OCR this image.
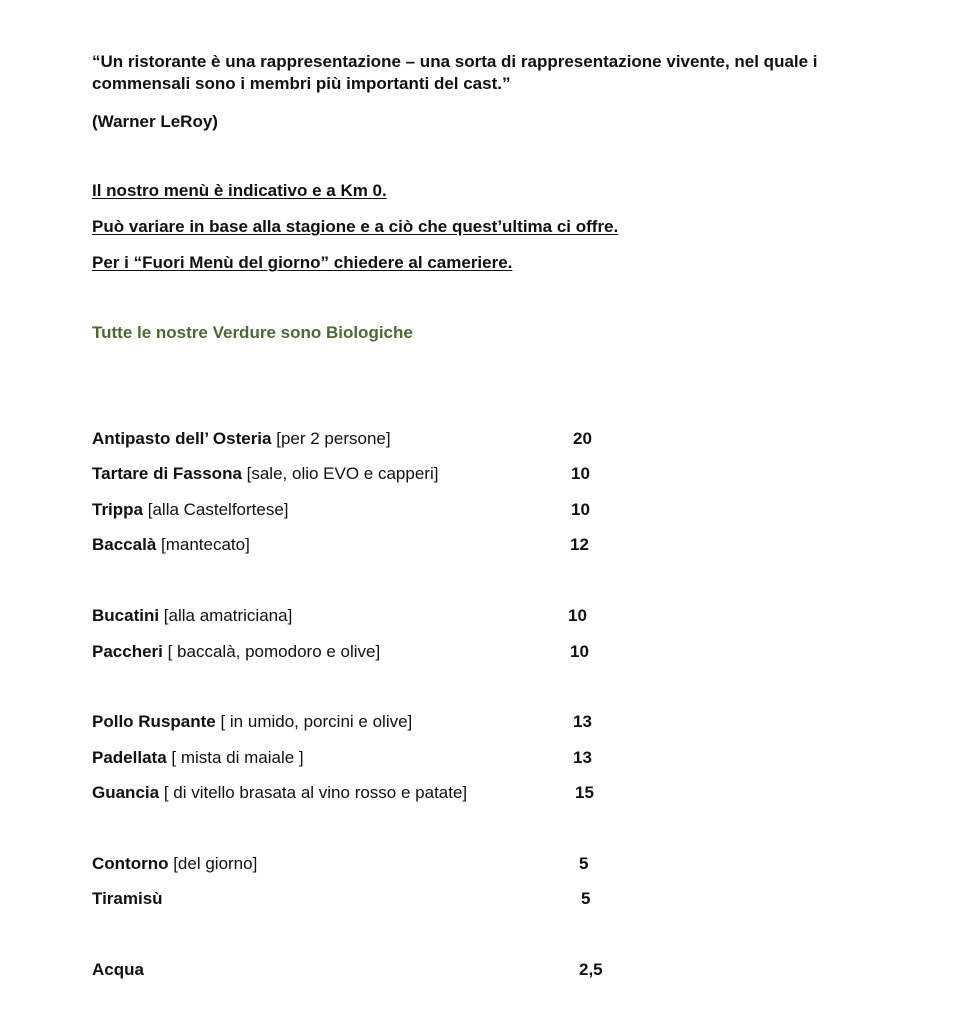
“Un ristorante è una rappresentazione – una sorta di rappresentazione vivente, nel quale i
commensali sono i membri più importanti del cast.”
(Warner LeRoy)
Il nostro menù è indicativo e a Km 0.
Può variare in base alla stagione e a ciò che quest’ultima ci offre.
Per i “Fuori Menù del giorno” chiedere al cameriere.
Tutte le nostre Verdure sono Biologiche
Antipasto dell’ Osteria [per 2 persone]	20
Tartare di Fassona [sale, olio EVO e capperi]	10
Trippa [alla Castelfortese]	10
Baccalà [mantecato]	12
Bucatini [alla amatriciana]	10
Paccheri [ baccalà, pomodoro e olive]	10
Pollo Ruspante [ in umido, porcini e olive]	13
Padellata [ mista di maiale ]	13
Guancia [ di vitello brasata al vino rosso e patate]	15
Contorno [del giorno]	5
Tiramisù	5
Acqua	2,5
